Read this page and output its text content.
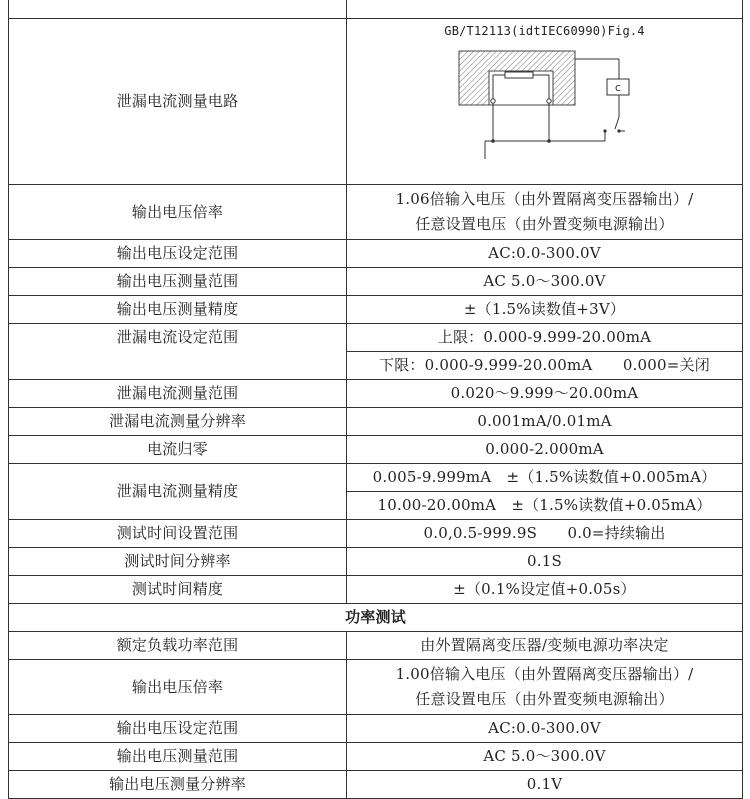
泄漏电流测量电路	GB/T12113(idtIEC60990)Fig.4
C

输出电压倍率	1.06倍输入电压（由外置隔离变压器输出）/
任意设置电压（由外置变频电源输出）

输出电压设定范围	AC:0.0-300.0V
输出电压测量范围	AC 5.0～300.0V
输出电压测量精度	±（1.5%读数值+3V）
泄漏电流设定范围	上限：0.000-9.999-20.00mA
	下限：0.000-9.999-20.00mA　　0.000=关闭
泄漏电流测量范围	0.020～9.999～20.00mA
泄漏电流测量分辨率	0.001mA/0.01mA
电流归零	0.000-2.000mA
泄漏电流测量精度	0.005-9.999mA　±（1.5%读数值+0.005mA）
	10.00-20.00mA　±（1.5%读数值+0.05mA）
测试时间设置范围	0.0,0.5-999.9S　　0.0=持续输出
测试时间分辨率	0.1S
测试时间精度	±（0.1%设定值+0.05s）
功率测试	
额定负载功率范围	由外置隔离变压器/变频电源功率决定
输出电压倍率	1.00倍输入电压（由外置隔离变压器输出）/
任意设置电压（由外置变频电源输出）

输出电压设定范围	AC:0.0-300.0V
输出电压测量范围	AC 5.0～300.0V
输出电压测量分辨率	0.1V
